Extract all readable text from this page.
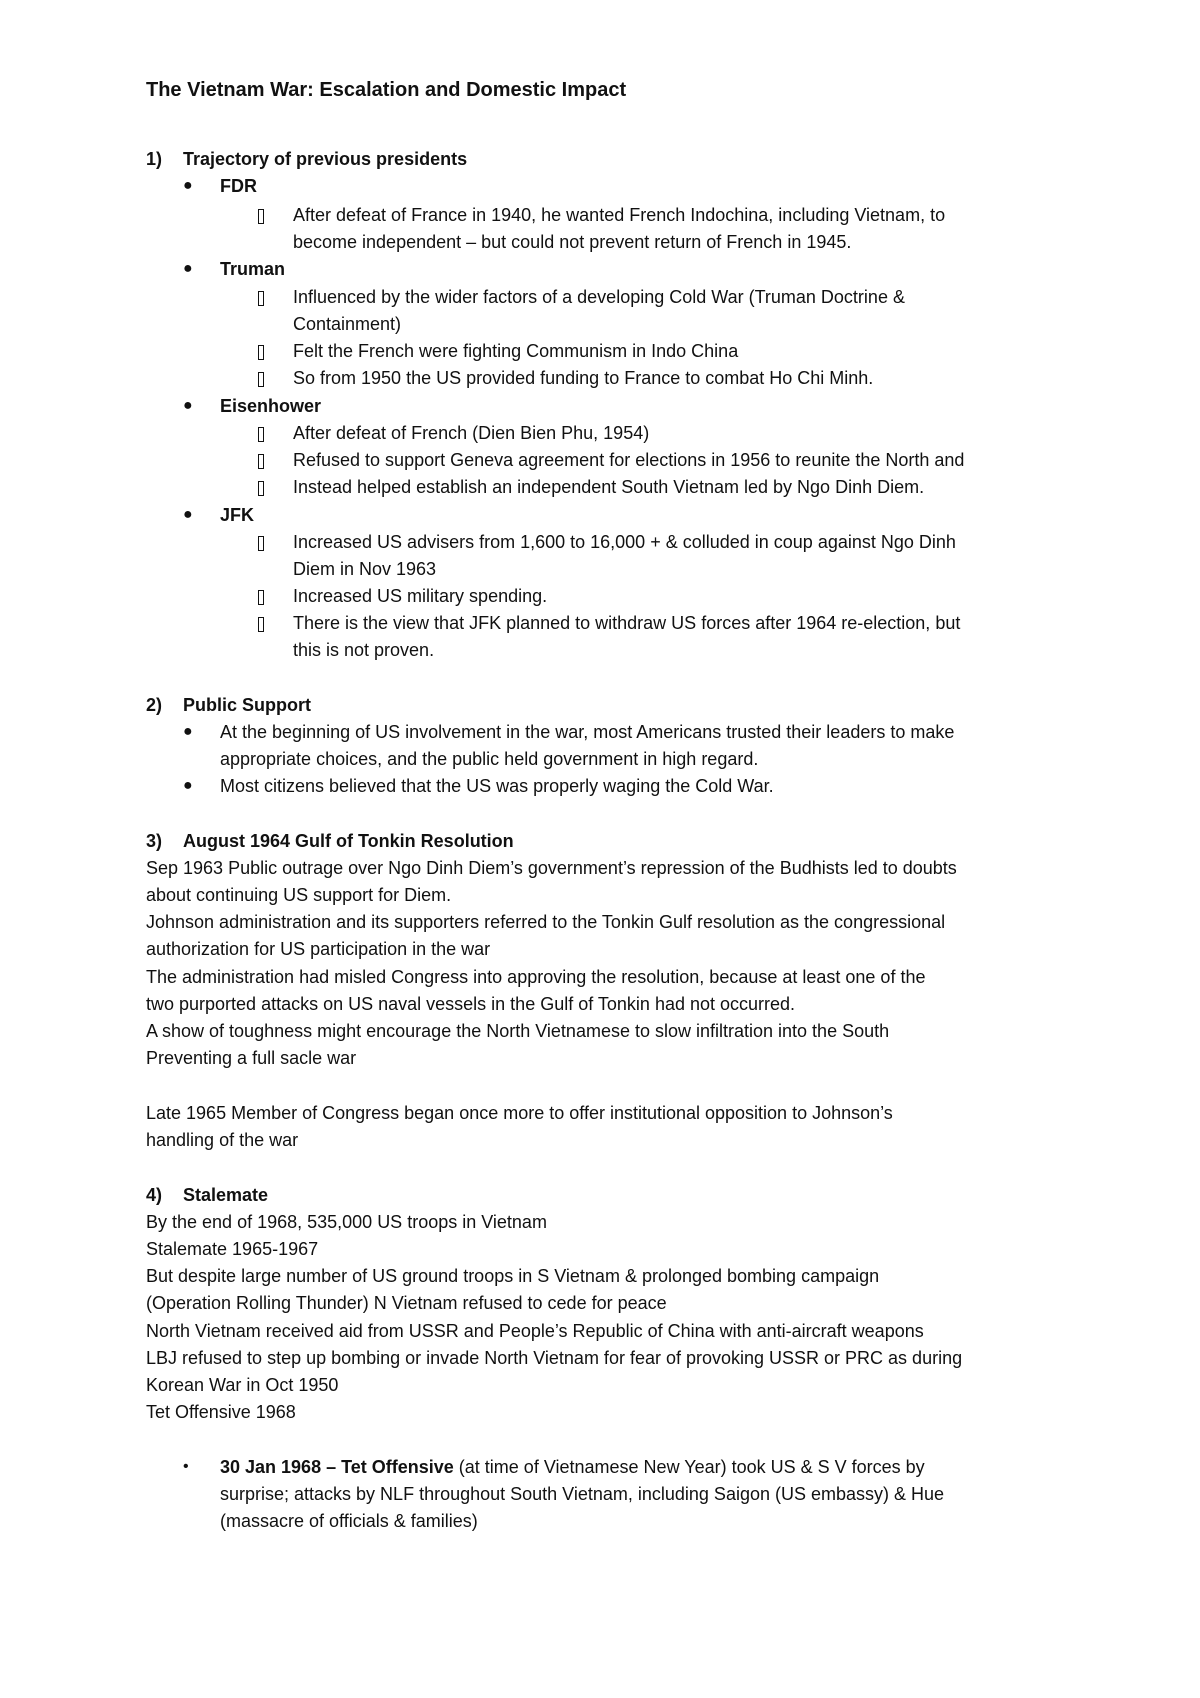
The Vietnam War: Escalation and Domestic Impact
1) Trajectory of previous presidents
● FDR
After defeat of France in 1940, he wanted French Indochina, including Vietnam, to
become independent – but could not prevent return of French in 1945.
● Truman
Influenced by the wider factors of a developing Cold War (Truman Doctrine &
Containment)
Felt the French were fighting Communism in Indo China
So from 1950 the US provided funding to France to combat Ho Chi Minh.
● Eisenhower
After defeat of French (Dien Bien Phu, 1954)
Refused to support Geneva agreement for elections in 1956 to reunite the North and
Instead helped establish an independent South Vietnam led by Ngo Dinh Diem.
● JFK
Increased US advisers from 1,600 to 16,000 + & colluded in coup against Ngo Dinh
Diem in Nov 1963
Increased US military spending.
There is the view that JFK planned to withdraw US forces after 1964 re-election, but
this is not proven.
2) Public Support
● At the beginning of US involvement in the war, most Americans trusted their leaders to make
appropriate choices, and the public held government in high regard.
● Most citizens believed that the US was properly waging the Cold War.
3) August 1964 Gulf of Tonkin Resolution
Sep 1963 Public outrage over Ngo Dinh Diem’s government’s repression of the Budhists led to doubts
about continuing US support for Diem.
Johnson administration and its supporters referred to the Tonkin Gulf resolution as the congressional
authorization for US participation in the war
The administration had misled Congress into approving the resolution, because at least one of the
two purported attacks on US naval vessels in the Gulf of Tonkin had not occurred.
A show of toughness might encourage the North Vietnamese to slow infiltration into the South
Preventing a full sacle war
Late 1965 Member of Congress began once more to offer institutional opposition to Johnson’s
handling of the war
4) Stalemate
By the end of 1968, 535,000 US troops in Vietnam
Stalemate 1965-1967
But despite large number of US ground troops in S Vietnam & prolonged bombing campaign
(Operation Rolling Thunder) N Vietnam refused to cede for peace
North Vietnam received aid from USSR and People’s Republic of China with anti-aircraft weapons
LBJ refused to step up bombing or invade North Vietnam for fear of provoking USSR or PRC as during
Korean War in Oct 1950
Tet Offensive 1968
• 30 Jan 1968 – Tet Offensive (at time of Vietnamese New Year) took US & S V forces by
surprise; attacks by NLF throughout South Vietnam, including Saigon (US embassy) & Hue
(massacre of officials & families)
